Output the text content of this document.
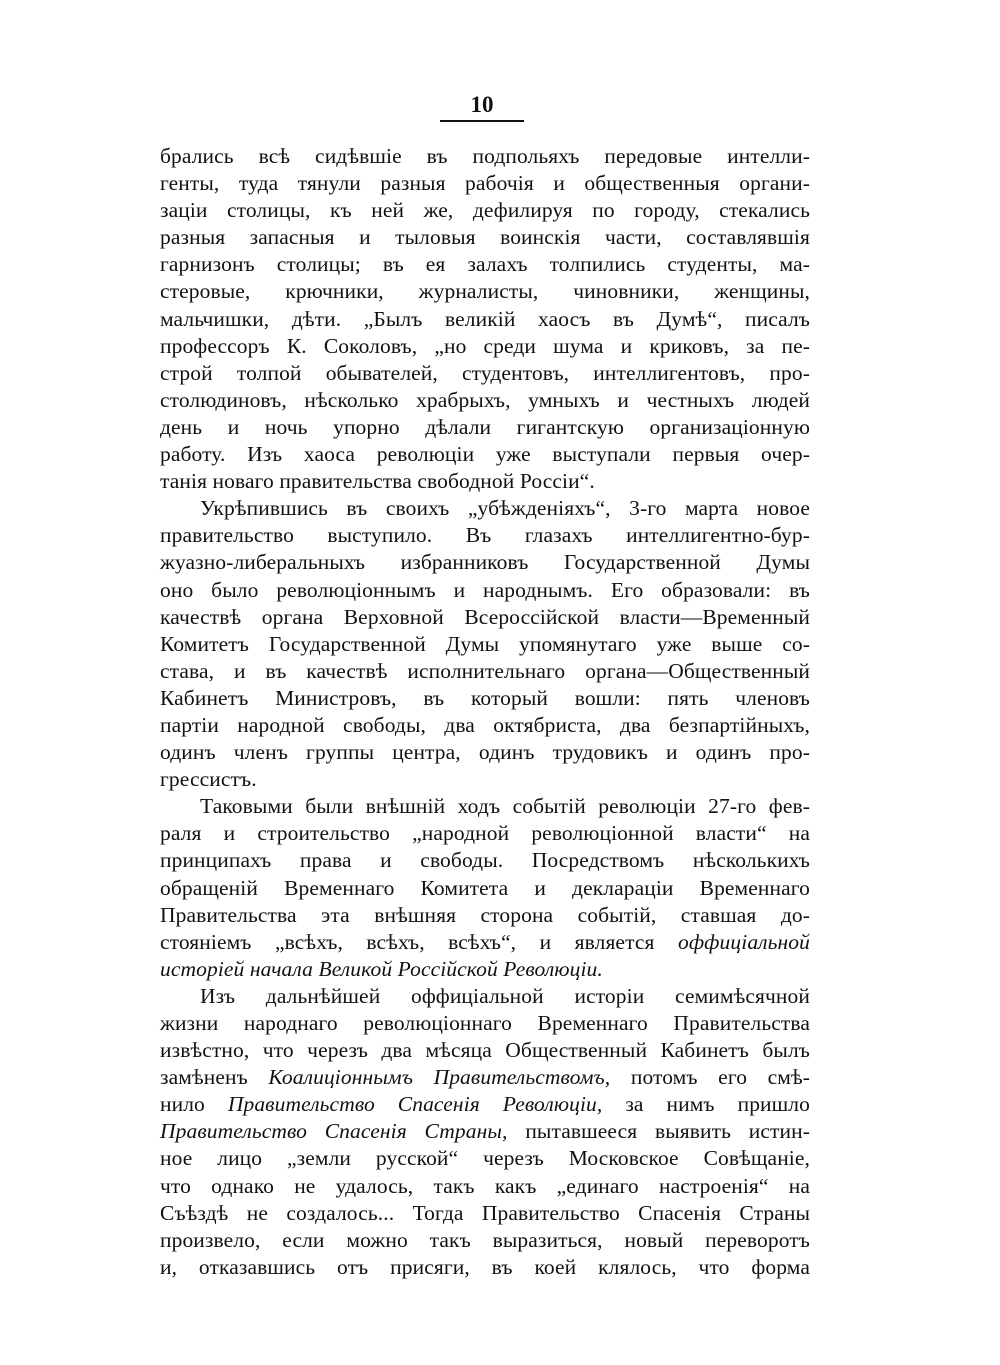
10
брались всѣ сидѣвшіе въ подпольяхъ передовые интелли-
генты, туда тянули разныя рабочія и общественныя органи-
заціи столицы, къ ней же, дефилируя по городу, стекались
разныя запасныя и тыловыя воинскія части, составлявшія
гарнизонъ столицы; въ ея залахъ толпились студенты, ма-
стеровые, крючники, журналисты, чиновники, женщины,
мальчишки, дѣти. „Былъ великій хаосъ въ Думѣ“, писалъ
профессоръ К. Соколовъ, „но среди шума и криковъ, за пе-
строй толпой обывателей, студентовъ, интеллигентовъ, про-
столюдиновъ, нѣсколько храбрыхъ, умныхъ и честныхъ людей
день и ночь упорно дѣлали гигантскую организаціонную
работу. Изъ хаоса революціи уже выступали первыя очер-
танія новаго правительства свободной Россіи“.
Укрѣпившись въ своихъ „убѣжденіяхъ“, 3-го марта новое
правительство выступило. Въ глазахъ интеллигентно-бур-
жуазно-либеральныхъ избранниковъ Государственной Думы
оно было революціоннымъ и народнымъ. Его образовали: въ
качествѣ органа Верховной Всероссійской власти—Временный
Комитетъ Государственной Думы упомянутаго уже выше со-
става, и въ качествѣ исполнительнаго органа—Общественный
Кабинетъ Министровъ, въ который вошли: пять членовъ
партіи народной свободы, два октябриста, два безпартійныхъ,
одинъ членъ группы центра, одинъ трудовикъ и одинъ про-
грессистъ.
Таковыми были внѣшній ходъ событій революціи 27-го фев-
раля и строительство „народной революціонной власти“ на
принципахъ права и свободы. Посредствомъ нѣсколькихъ
обращеній Временнаго Комитета и деклараціи Временнаго
Правительства эта внѣшняя сторона событій, ставшая до-
стояніемъ „всѣхъ, всѣхъ, всѣхъ“, и является оффиціальной
исторіей начала Великой Россійской Революціи.
Изъ дальнѣйшей оффиціальной исторіи семимѣсячной
жизни народнаго революціоннаго Временнаго Правительства
извѣстно, что черезъ два мѣсяца Общественный Кабинетъ былъ
замѣненъ Коалиціоннымъ Правительствомъ, потомъ его смѣ-
нило Правительство Спасенія Революціи, за нимъ пришло
Правительство Спасенія Страны, пытавшееся выявить истин-
ное лицо „земли русской“ черезъ Московское Совѣщаніе,
что однако не удалось, такъ какъ „единаго настроенія“ на
Съѣздѣ не создалось... Тогда Правительство Спасенія Страны
произвело, если можно такъ выразиться, новый переворотъ
и, отказавшись отъ присяги, въ коей клялось, что форма
